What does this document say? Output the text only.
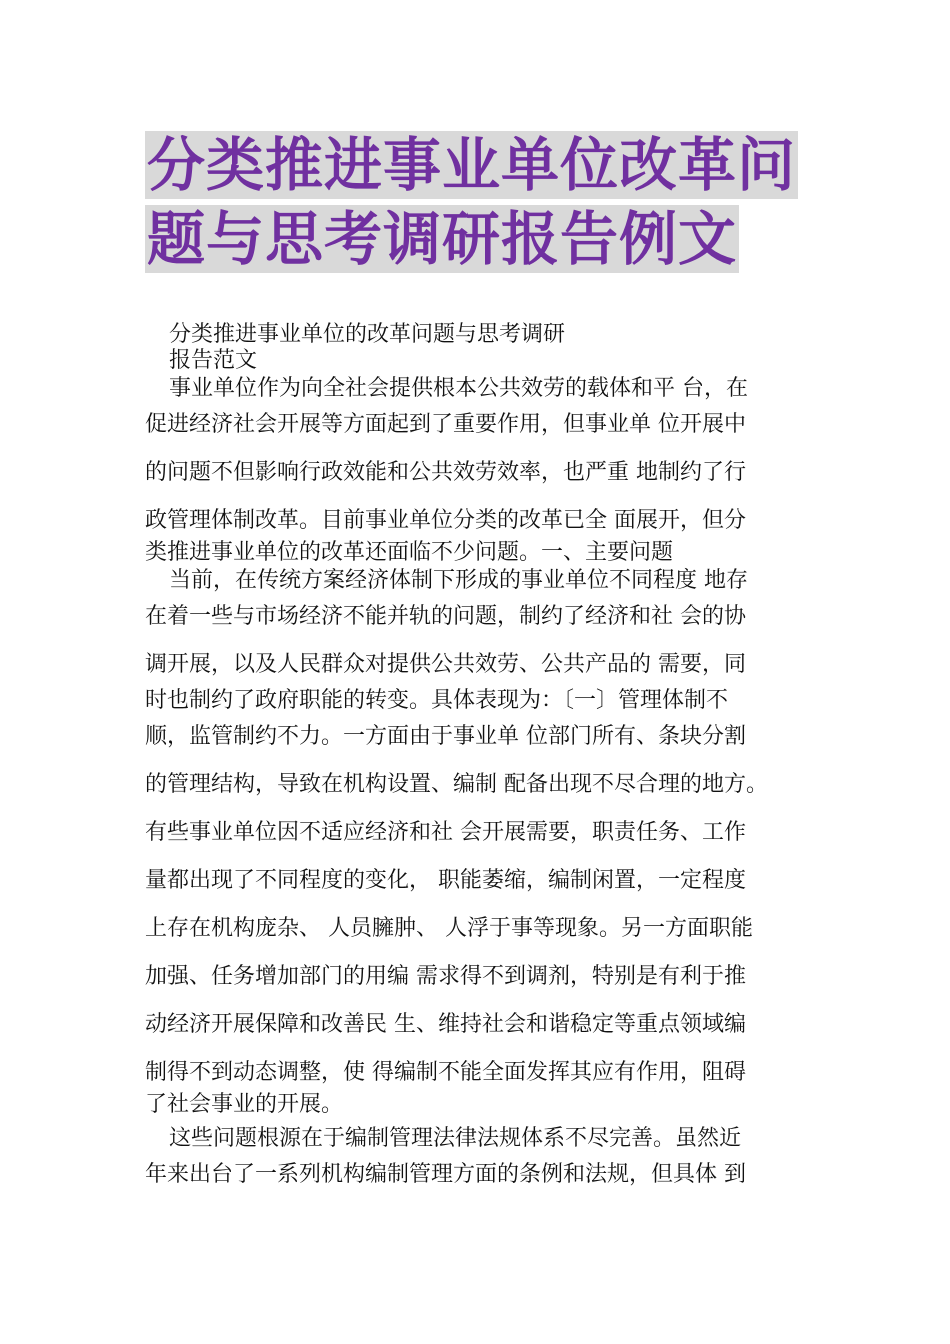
分类推进事业单位改革问
题与思考调研报告例文

分类推进事业单位的改革问题与思考调研

报告范文

事业单位作为向全社会提供根本公共效劳的载体和平 台，在
促进经济社会开展等方面起到了重要作用，但事业单 位开展中
的问题不但影响行政效能和公共效劳效率，也严重 地制约了行
政管理体制改革。目前事业单位分类的改革已全 面展开，但分
类推进事业单位的改革还面临不少问题。一、主要问题
当前，在传统方案经济体制下形成的事业单位不同程度 地存
在着一些与市场经济不能并轨的问题，制约了经济和社 会的协
调开展，以及人民群众对提供公共效劳、公共产品的 需要，同
时也制约了政府职能的转变。具体表现为：〔一〕管理体制不
顺，监管制约不力。一方面由于事业单 位部门所有、条块分割
的管理结构，导致在机构设置、编制 配备出现不尽合理的地方。
有些事业单位因不适应经济和社 会开展需要，职责任务、工作
量都出现了不同程度的变化， 职能萎缩，编制闲置，一定程度
上存在机构庞杂、 人员臃肿、 人浮于事等现象。另一方面职能
加强、任务增加部门的用编 需求得不到调剂，特别是有利于推
动经济开展保障和改善民 生、维持社会和谐稳定等重点领域编
制得不到动态调整，使 得编制不能全面发挥其应有作用，阻碍
了社会事业的开展。
这些问题根源在于编制管理法律法规体系不尽完善。虽然近
年来出台了一系列机构编制管理方面的条例和法规，但具体 到
